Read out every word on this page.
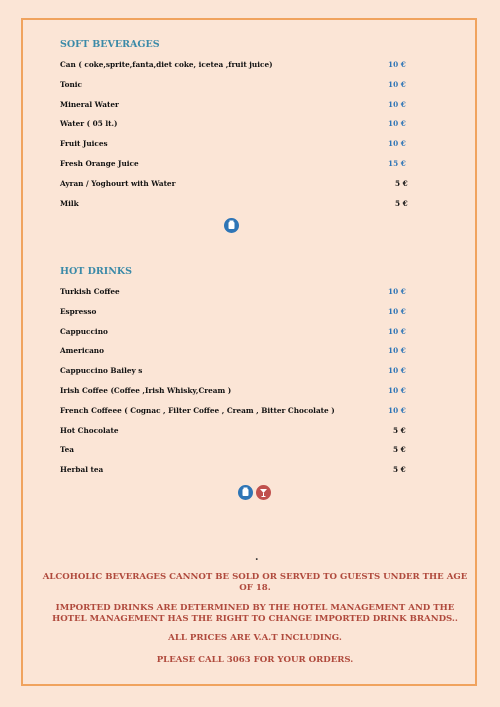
SOFT BEVERAGES
Can ( coke,sprite,fanta,diet coke, icetea ,fruit juice)	10 €
Tonic	10 €
Mineral Water	10 €
Water ( 05 lt.)	10 €
Fruit Juices	10 €
Fresh Orange Juice	15 €
Ayran / Yoghourt with Water	5 €
Milk	5 €
HOT DRINKS
Turkish Coffee	10 €
Espresso	10 €
Cappuccino	10 €
Americano	10 €
Cappuccino Bailey s	10 €
Irish Coffee (Coffee ,Irish Whisky,Cream )	10 €
French Coffeee ( Cognac , Filter Coffee , Cream , Bitter Chocolate )	10 €
Hot Chocolate	5 €
Tea	5 €
Herbal tea	5 €
.
ALCOHOLIC BEVERAGES CANNOT BE SOLD OR SERVED TO GUESTS UNDER THE AGE OF 18.
IMPORTED DRINKS ARE DETERMINED BY THE HOTEL MANAGEMENT AND THE HOTEL MANAGEMENT HAS THE RIGHT TO CHANGE IMPORTED DRINK BRANDS..
ALL PRICES ARE V.A.T INCLUDING.
PLEASE CALL 3063 FOR YOUR ORDERS.
